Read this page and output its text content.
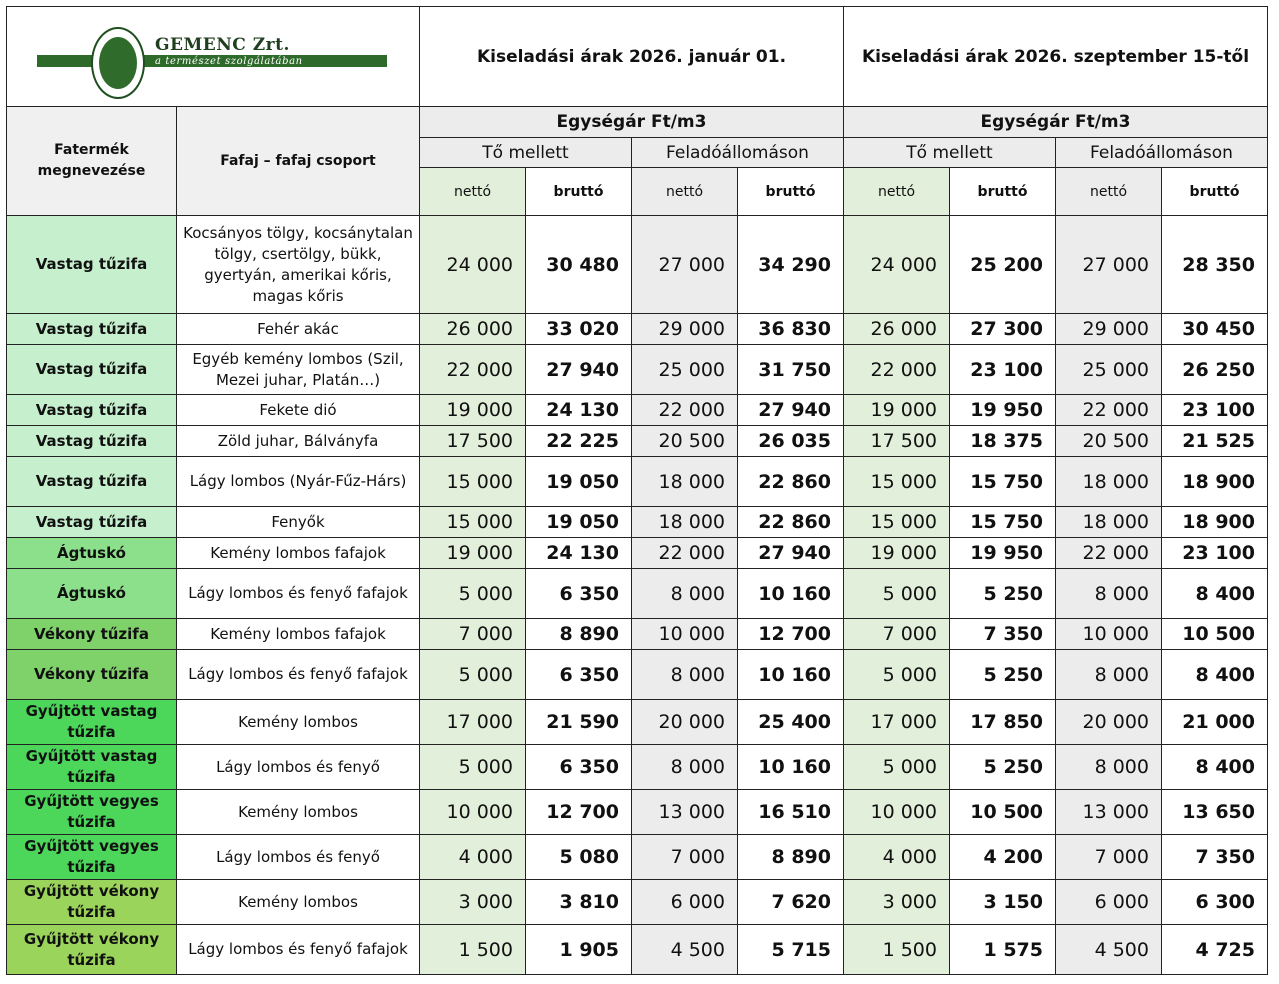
GEMENC Zrt.
a természet szolgálatában		Kiseladási árak 2026. január 01.				Kiseladási árak 2026. szeptember 15-től			
Fatermék megnevezése	Fafaj – fafaj csoport	Egységár Ft/m3				Egységár Ft/m3			
		Tő mellett		Feladóállomáson		Tő mellett		Feladóállomáson	
		nettó	bruttó	nettó	bruttó	nettó	bruttó	nettó	bruttó
Vastag tűzifa	Kocsányos tölgy, kocsánytalan tölgy, csertölgy, bükk, gyertyán, amerikai kőris, magas kőris	24 000	30 480	27 000	34 290	24 000	25 200	27 000	28 350
Vastag tűzifa	Fehér akác	26 000	33 020	29 000	36 830	26 000	27 300	29 000	30 450
Vastag tűzifa	Egyéb kemény lombos (Szil, Mezei juhar, Platán…)	22 000	27 940	25 000	31 750	22 000	23 100	25 000	26 250
Vastag tűzifa	Fekete dió	19 000	24 130	22 000	27 940	19 000	19 950	22 000	23 100
Vastag tűzifa	Zöld juhar, Bálványfa	17 500	22 225	20 500	26 035	17 500	18 375	20 500	21 525
Vastag tűzifa	Lágy lombos (Nyár-Fűz-Hárs)	15 000	19 050	18 000	22 860	15 000	15 750	18 000	18 900
Vastag tűzifa	Fenyők	15 000	19 050	18 000	22 860	15 000	15 750	18 000	18 900
Ágtuskó	Kemény lombos fafajok	19 000	24 130	22 000	27 940	19 000	19 950	22 000	23 100
Ágtuskó	Lágy lombos és fenyő fafajok	5 000	6 350	8 000	10 160	5 000	5 250	8 000	8 400
Vékony tűzifa	Kemény lombos fafajok	7 000	8 890	10 000	12 700	7 000	7 350	10 000	10 500
Vékony tűzifa	Lágy lombos és fenyő fafajok	5 000	6 350	8 000	10 160	5 000	5 250	8 000	8 400
Gyűjtött vastag tűzifa	Kemény lombos	17 000	21 590	20 000	25 400	17 000	17 850	20 000	21 000
Gyűjtött vastag tűzifa	Lágy lombos és fenyő	5 000	6 350	8 000	10 160	5 000	5 250	8 000	8 400
Gyűjtött vegyes tűzifa	Kemény lombos	10 000	12 700	13 000	16 510	10 000	10 500	13 000	13 650
Gyűjtött vegyes tűzifa	Lágy lombos és fenyő	4 000	5 080	7 000	8 890	4 000	4 200	7 000	7 350
Gyűjtött vékony tűzifa	Kemény lombos	3 000	3 810	6 000	7 620	3 000	3 150	6 000	6 300
Gyűjtött vékony tűzifa	Lágy lombos és fenyő fafajok	1 500	1 905	4 500	5 715	1 500	1 575	4 500	4 725
